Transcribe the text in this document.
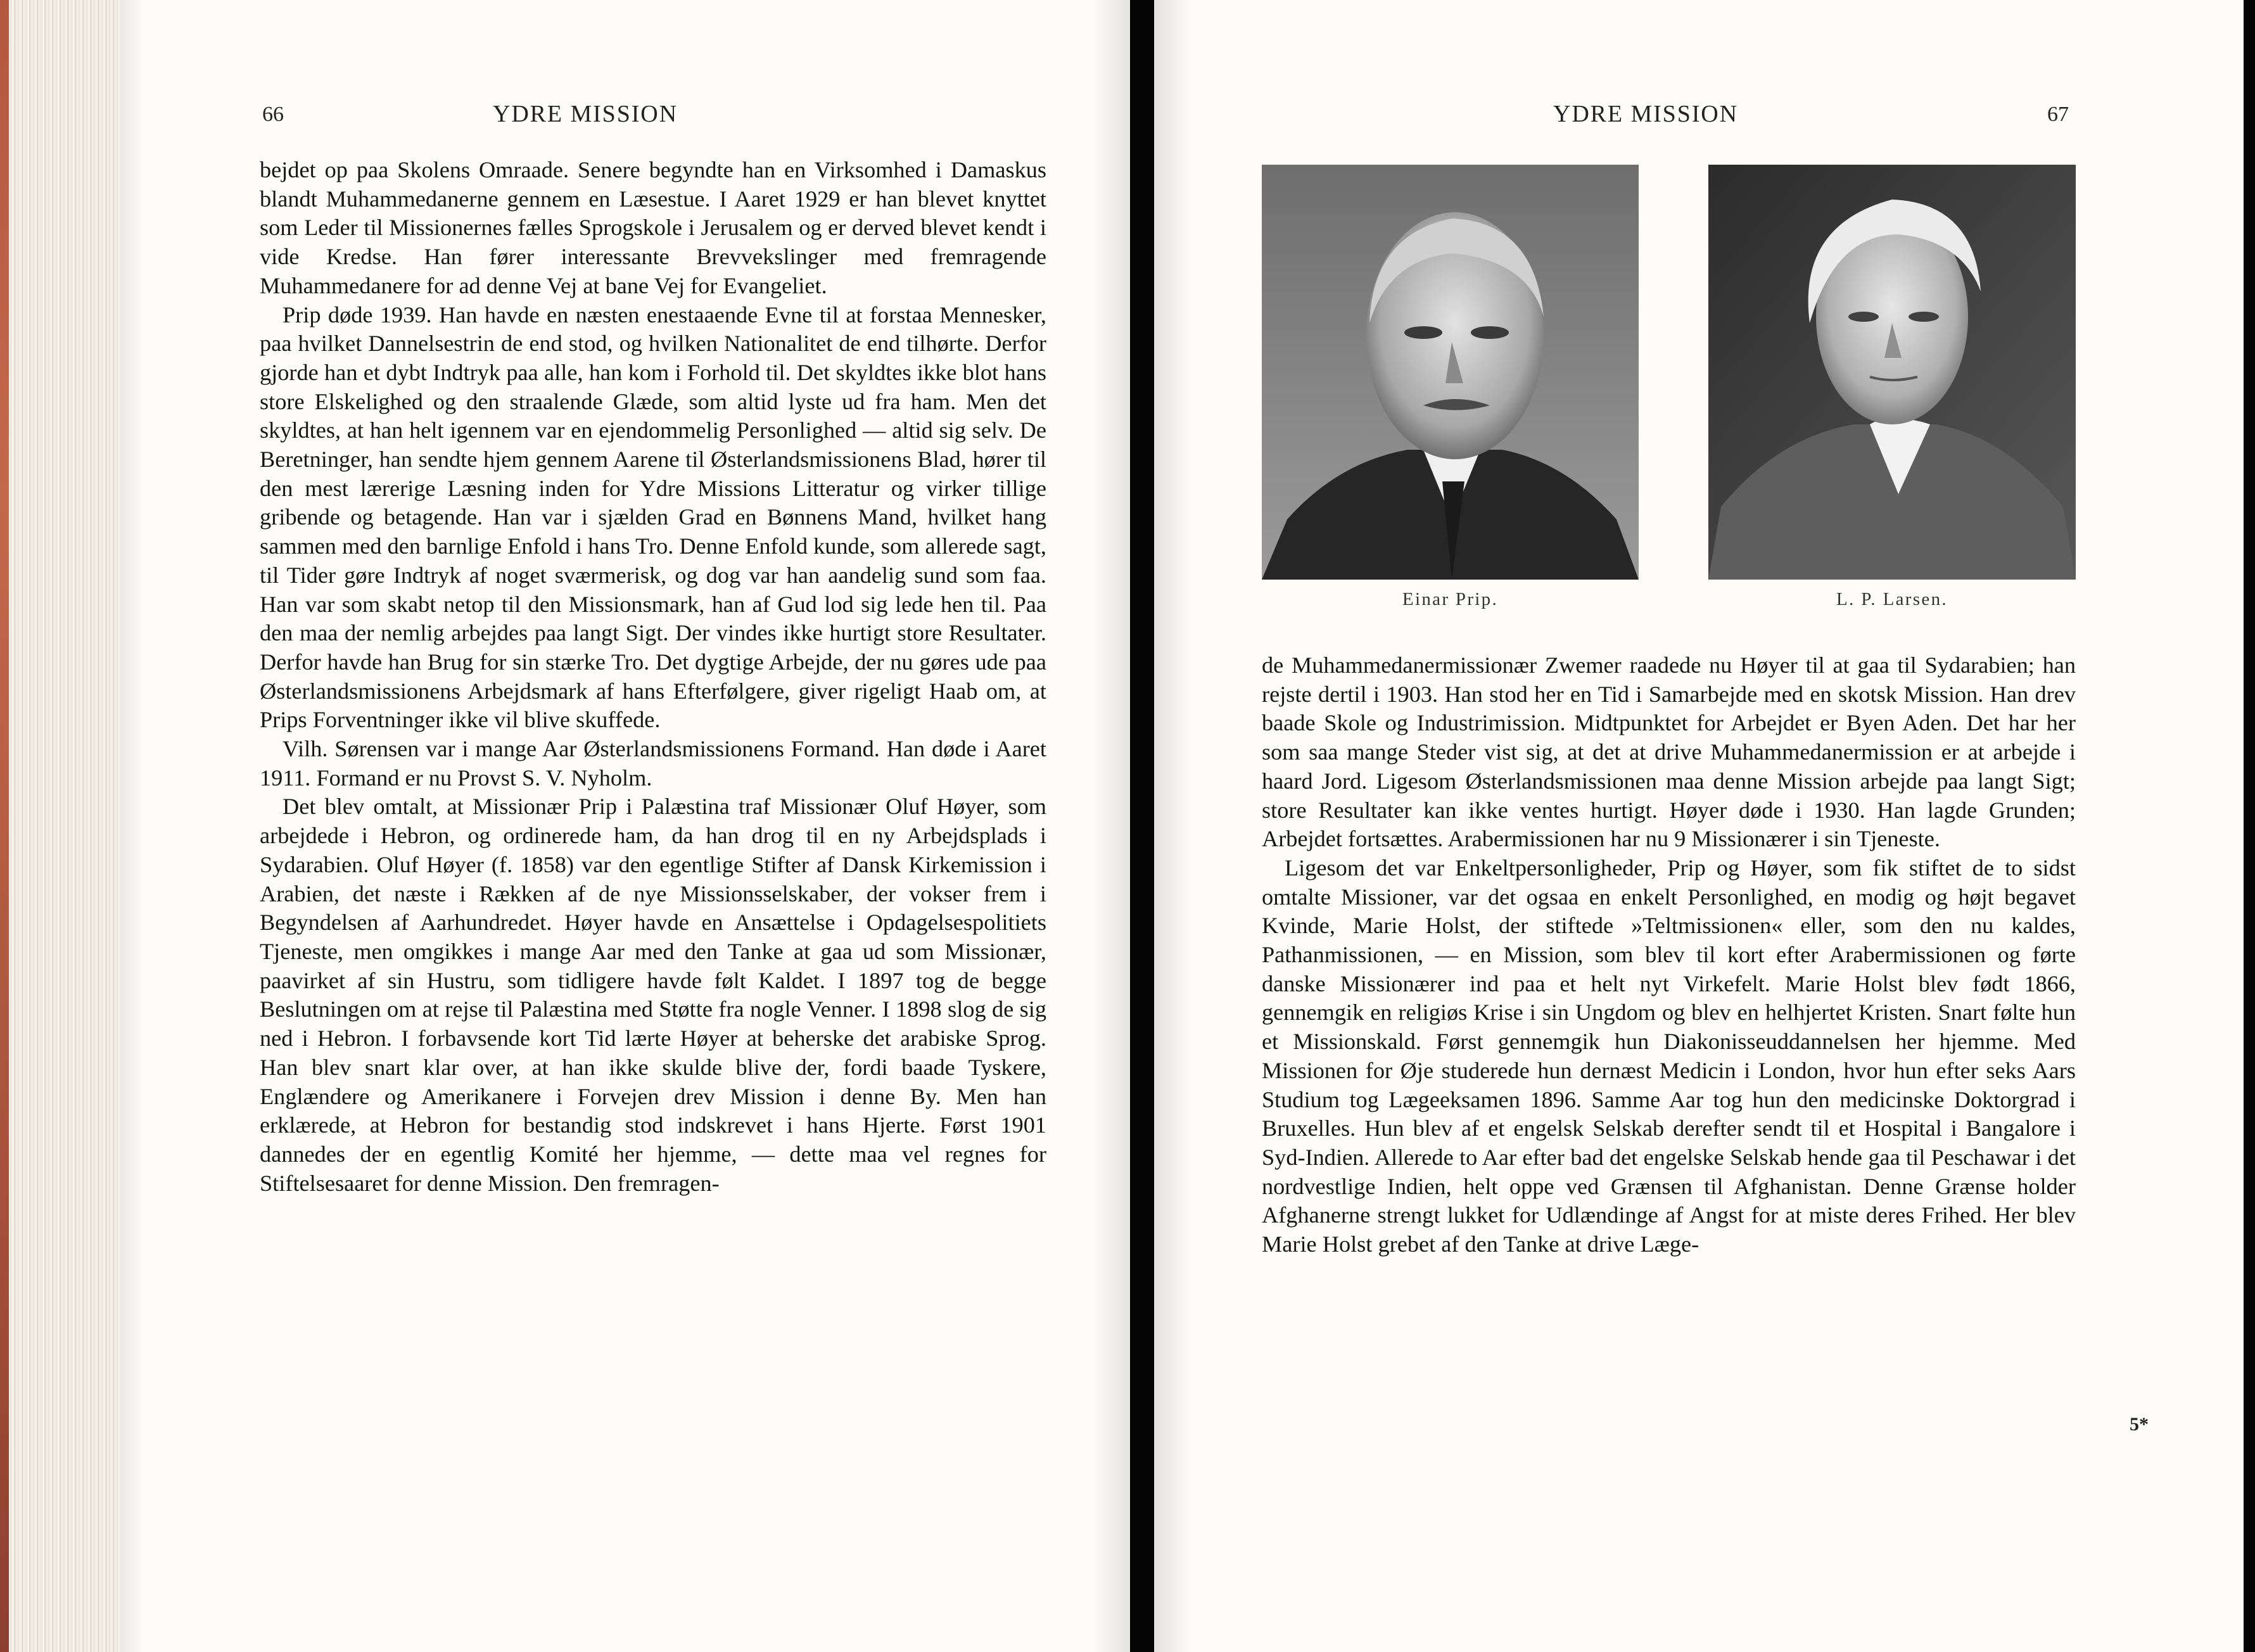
66	YDRE MISSION

bejdet op paa Skolens Omraade. Senere begyndte han en Virksomhed i Damaskus blandt Muhammedanerne gennem en Læsestue. I Aaret 1929 er han blevet knyttet som Leder til Missionernes fælles Sprogskole i Jerusalem og er derved blevet kendt i vide Kredse. Han fører interessante Brevvekslinger med fremragende Muhammedanere for ad denne Vej at bane Vej for Evangeliet.

Prip døde 1939. Han havde en næsten enestaaende Evne til at forstaa Mennesker, paa hvilket Dannelsestrin de end stod, og hvilken Nationalitet de end tilhørte. Derfor gjorde han et dybt Indtryk paa alle, han kom i Forhold til. Det skyldtes ikke blot hans store Elskelighed og den straalende Glæde, som altid lyste ud fra ham. Men det skyldtes, at han helt igennem var en ejendommelig Personlighed — altid sig selv. De Beretninger, han sendte hjem gennem Aarene til Østerlandsmissionens Blad, hører til den mest lærerige Læsning inden for Ydre Missions Litteratur og virker tillige gribende og betagende. Han var i sjælden Grad en Bønnens Mand, hvilket hang sammen med den barnlige Enfold i hans Tro. Denne Enfold kunde, som allerede sagt, til Tider gøre Indtryk af noget sværmerisk, og dog var han aandelig sund som faa. Han var som skabt netop til den Missionsmark, han af Gud lod sig lede hen til. Paa den maa der nemlig arbejdes paa langt Sigt. Der vindes ikke hurtigt store Resultater. Derfor havde han Brug for sin stærke Tro. Det dygtige Arbejde, der nu gøres ude paa Østerlandsmissionens Arbejdsmark af hans Efterfølgere, giver rigeligt Haab om, at Prips Forventninger ikke vil blive skuffede.

Vilh. Sørensen var i mange Aar Østerlandsmissionens Formand. Han døde i Aaret 1911. Formand er nu Provst S. V. Nyholm.

Det blev omtalt, at Missionær Prip i Palæstina traf Missionær Oluf Høyer, som arbejdede i Hebron, og ordinerede ham, da han drog til en ny Arbejdsplads i Sydarabien. Oluf Høyer (f. 1858) var den egentlige Stifter af Dansk Kirkemission i Arabien, det næste i Rækken af de nye Missionsselskaber, der vokser frem i Begyndelsen af Aarhundredet. Høyer havde en Ansættelse i Opdagelsespolitiets Tjeneste, men omgikkes i mange Aar med den Tanke at gaa ud som Missionær, paavirket af sin Hustru, som tidligere havde følt Kaldet. I 1897 tog de begge Beslutningen om at rejse til Palæstina med Støtte fra nogle Venner. I 1898 slog de sig ned i Hebron. I forbavsende kort Tid lærte Høyer at beherske det arabiske Sprog. Han blev snart klar over, at han ikke skulde blive der, fordi baade Tyskere, Englændere og Amerikanere i Forvejen drev Mission i denne By. Men han erklærede, at Hebron for bestandig stod indskrevet i hans Hjerte. Først 1901 dannedes der en egentlig Komité her hjemme, — dette maa vel regnes for Stiftelsesaaret for denne Mission. Den fremragen-

YDRE MISSION	67
Einar Prip.	L. P. Larsen.

de Muhammedanermissionær Zwemer raadede nu Høyer til at gaa til Sydarabien; han rejste dertil i 1903. Han stod her en Tid i Samarbejde med en skotsk Mission. Han drev baade Skole og Industrimission. Midtpunktet for Arbejdet er Byen Aden. Det har her som saa mange Steder vist sig, at det at drive Muhammedanermission er at arbejde i haard Jord. Ligesom Østerlandsmissionen maa denne Mission arbejde paa langt Sigt; store Resultater kan ikke ventes hurtigt. Høyer døde i 1930. Han lagde Grunden; Arbejdet fortsættes. Arabermissionen har nu 9 Missionærer i sin Tjeneste.

Ligesom det var Enkeltpersonligheder, Prip og Høyer, som fik stiftet de to sidst omtalte Missioner, var det ogsaa en enkelt Personlighed, en modig og højt begavet Kvinde, Marie Holst, der stiftede »Teltmissionen« eller, som den nu kaldes, Pathanmissionen, — en Mission, som blev til kort efter Arabermissionen og førte danske Missionærer ind paa et helt nyt Virkefelt. Marie Holst blev født 1866, gennemgik en religiøs Krise i sin Ungdom og blev en helhjertet Kristen. Snart følte hun et Missionskald. Først gennemgik hun Diakonisseuddannelsen her hjemme. Med Missionen for Øje studerede hun dernæst Medicin i London, hvor hun efter seks Aars Studium tog Lægeeksamen 1896. Samme Aar tog hun den medicinske Doktorgrad i Bruxelles. Hun blev af et engelsk Selskab derefter sendt til et Hospital i Bangalore i Syd-Indien. Allerede to Aar efter bad det engelske Selskab hende gaa til Peschawar i det nordvestlige Indien, helt oppe ved Grænsen til Afghanistan. Denne Grænse holder Afghanerne strengt lukket for Udlændinge af Angst for at miste deres Frihed. Her blev Marie Holst grebet af den Tanke at drive Læge-

5*
